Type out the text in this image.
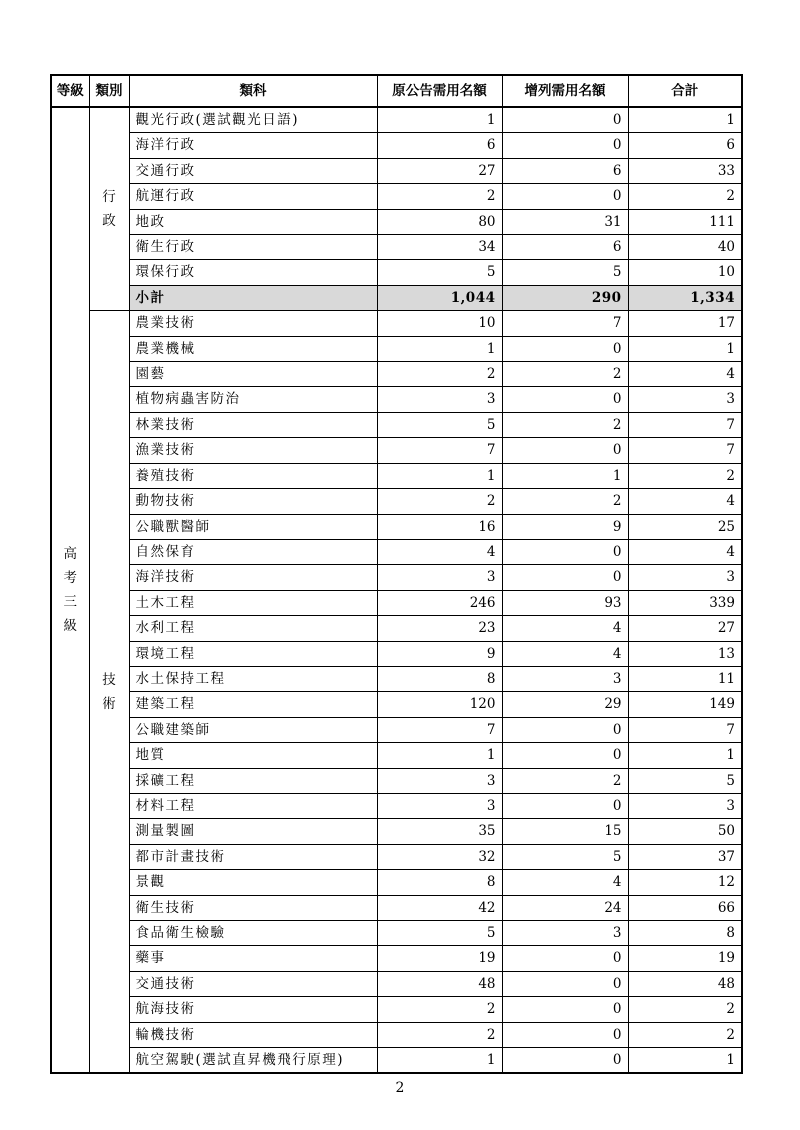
等級	類別	類科	原公告需用名額	增列需用名額	合計
高考三級	行政	觀光行政(選試觀光日語)	1	0	1
		海洋行政	6	0	6
		交通行政	27	6	33
		航運行政	2	0	2
		地政	80	31	111
		衛生行政	34	6	40
		環保行政	5	5	10
		小計	1,044	290	1,334
	技術	農業技術	10	7	17
		農業機械	1	0	1
		園藝	2	2	4
		植物病蟲害防治	3	0	3
		林業技術	5	2	7
		漁業技術	7	0	7
		養殖技術	1	1	2
		動物技術	2	2	4
		公職獸醫師	16	9	25
		自然保育	4	0	4
		海洋技術	3	0	3
		土木工程	246	93	339
		水利工程	23	4	27
		環境工程	9	4	13
		水土保持工程	8	3	11
		建築工程	120	29	149
		公職建築師	7	0	7
		地質	1	0	1
		採礦工程	3	2	5
		材料工程	3	0	3
		測量製圖	35	15	50
		都市計畫技術	32	5	37
		景觀	8	4	12
		衛生技術	42	24	66
		食品衛生檢驗	5	3	8
		藥事	19	0	19
		交通技術	48	0	48
		航海技術	2	0	2
		輪機技術	2	0	2
		航空駕駛(選試直昇機飛行原理)	1	0	1
2
